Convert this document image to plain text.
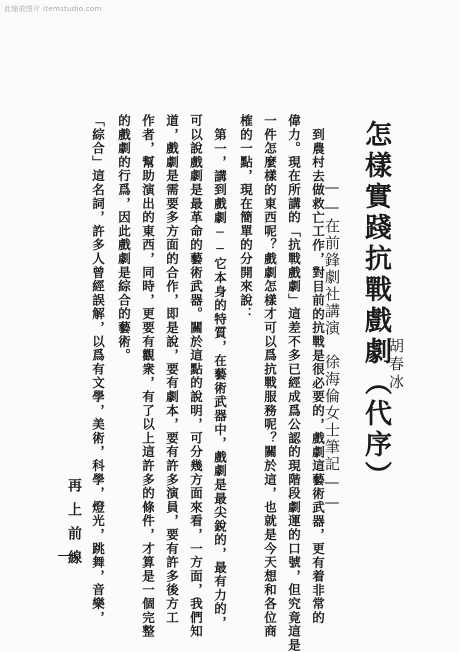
此缩放图片 itemstudio.com
胡春冰
怎樣實踐抗戰戲劇（代序）
——在前鋒劇社講演　徐海倫女士筆記——
到農村去做救亡工作，對目前的抗戰是很必要的，戲劇這藝術武器，更有着非常的
偉力。現在所講的「抗戰戲劇」這差不多已經成爲公認的現階段劇運的口號，但究竟這是
一件怎麼樣的東西呢？戲劇怎樣才可以爲抗戰服務呢？關於這，也就是今天想和各位商
榷的一點，現在簡單的分開來說：
第一，講到戲劇──它本身的特質，在藝術武器中，戲劇是最尖銳的，最有力的，
可以說戲劇是最革命的藝術武器。關於這點的說明，可分幾方面來看，一方面，我們知
道，戲劇是需要多方面的合作，即是說，要有劇本，要有許多演員，要有許多後方工
作者，幫助演出的東西，同時，更要有觀衆，有了以上這許多的條件，才算是一個完整
的戲劇的行爲，因此戲劇是綜合的藝術。
「綜合」這名詞，許多人曾經誤解，以爲有文學，美術，科學，燈光，跳舞，音樂，
再上前線
